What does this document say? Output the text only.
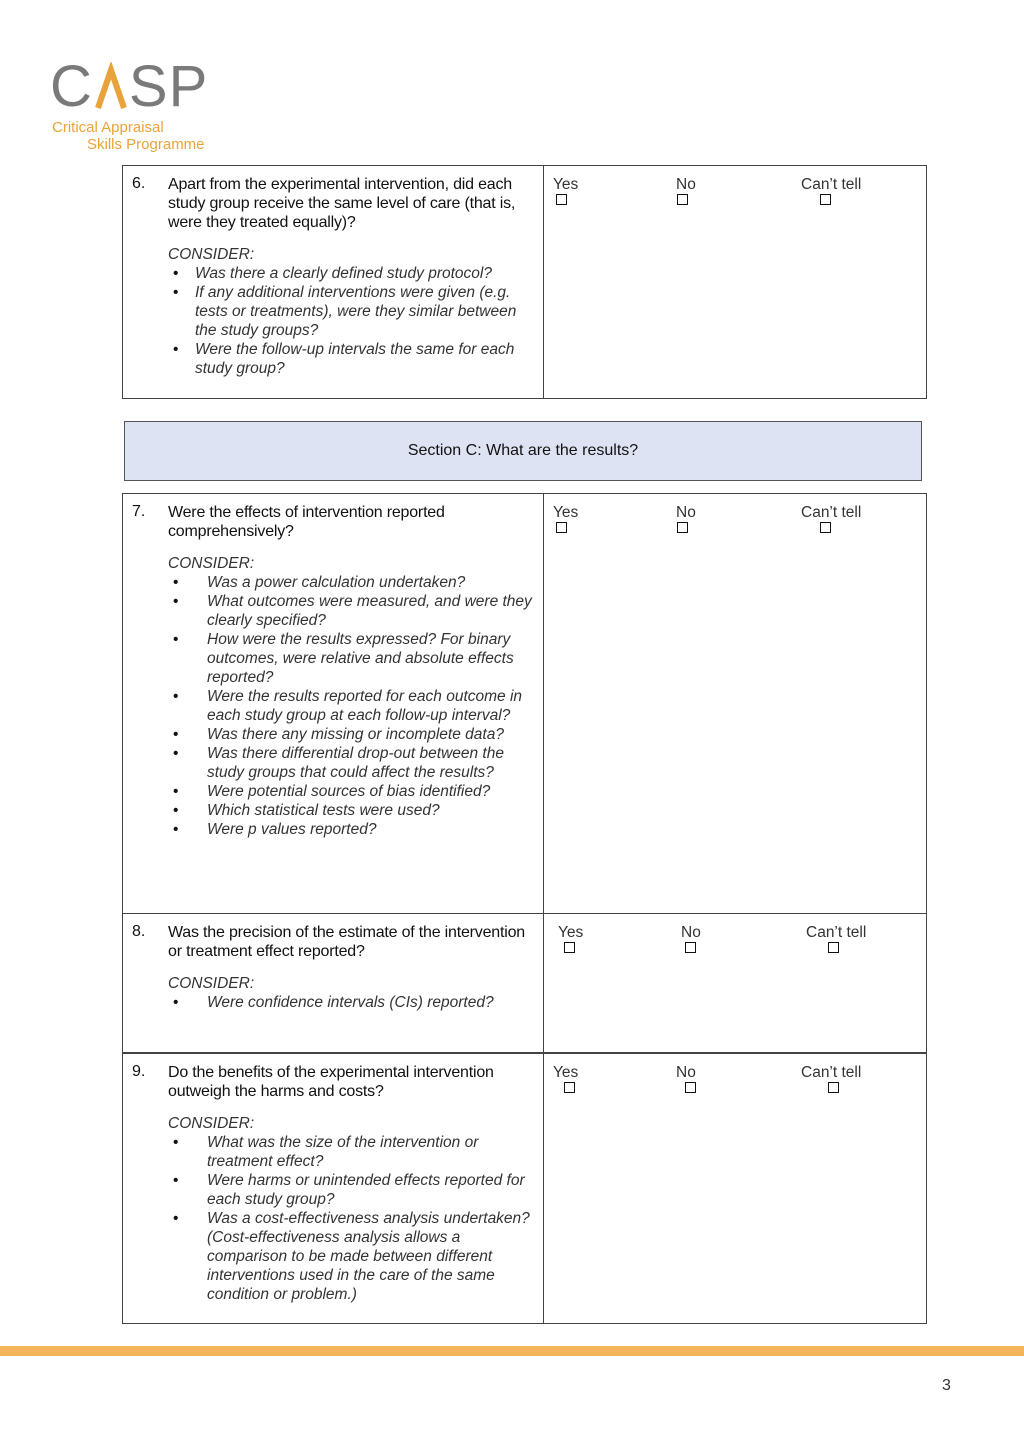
C SP
Critical Appraisal
Skills Programme
6. Apart from the experimental intervention, did each study group receive the same level of care (that is, were they treated equally)?
CONSIDER:
• Was there a clearly defined study protocol?
• If any additional interventions were given (e.g. tests or treatments), were they similar between the study groups?
• Were the follow-up intervals the same for each study group?
Yes	No	Can’t tell
Section C: What are the results?
7. Were the effects of intervention reported comprehensively?
CONSIDER:
• Was a power calculation undertaken?
• What outcomes were measured, and were they clearly specified?
• How were the results expressed? For binary outcomes, were relative and absolute effects reported?
• Were the results reported for each outcome in each study group at each follow-up interval?
• Was there any missing or incomplete data?
• Was there differential drop-out between the study groups that could affect the results?
• Were potential sources of bias identified?
• Which statistical tests were used?
• Were p values reported?
Yes	No	Can’t tell
8. Was the precision of the estimate of the intervention or treatment effect reported?
CONSIDER:
• Were confidence intervals (CIs) reported?
Yes	No	Can’t tell
9. Do the benefits of the experimental intervention outweigh the harms and costs?
CONSIDER:
• What was the size of the intervention or treatment effect?
• Were harms or unintended effects reported for each study group?
• Was a cost-effectiveness analysis undertaken? (Cost-effectiveness analysis allows a comparison to be made between different interventions used in the care of the same condition or problem.)
Yes	No	Can’t tell
3
